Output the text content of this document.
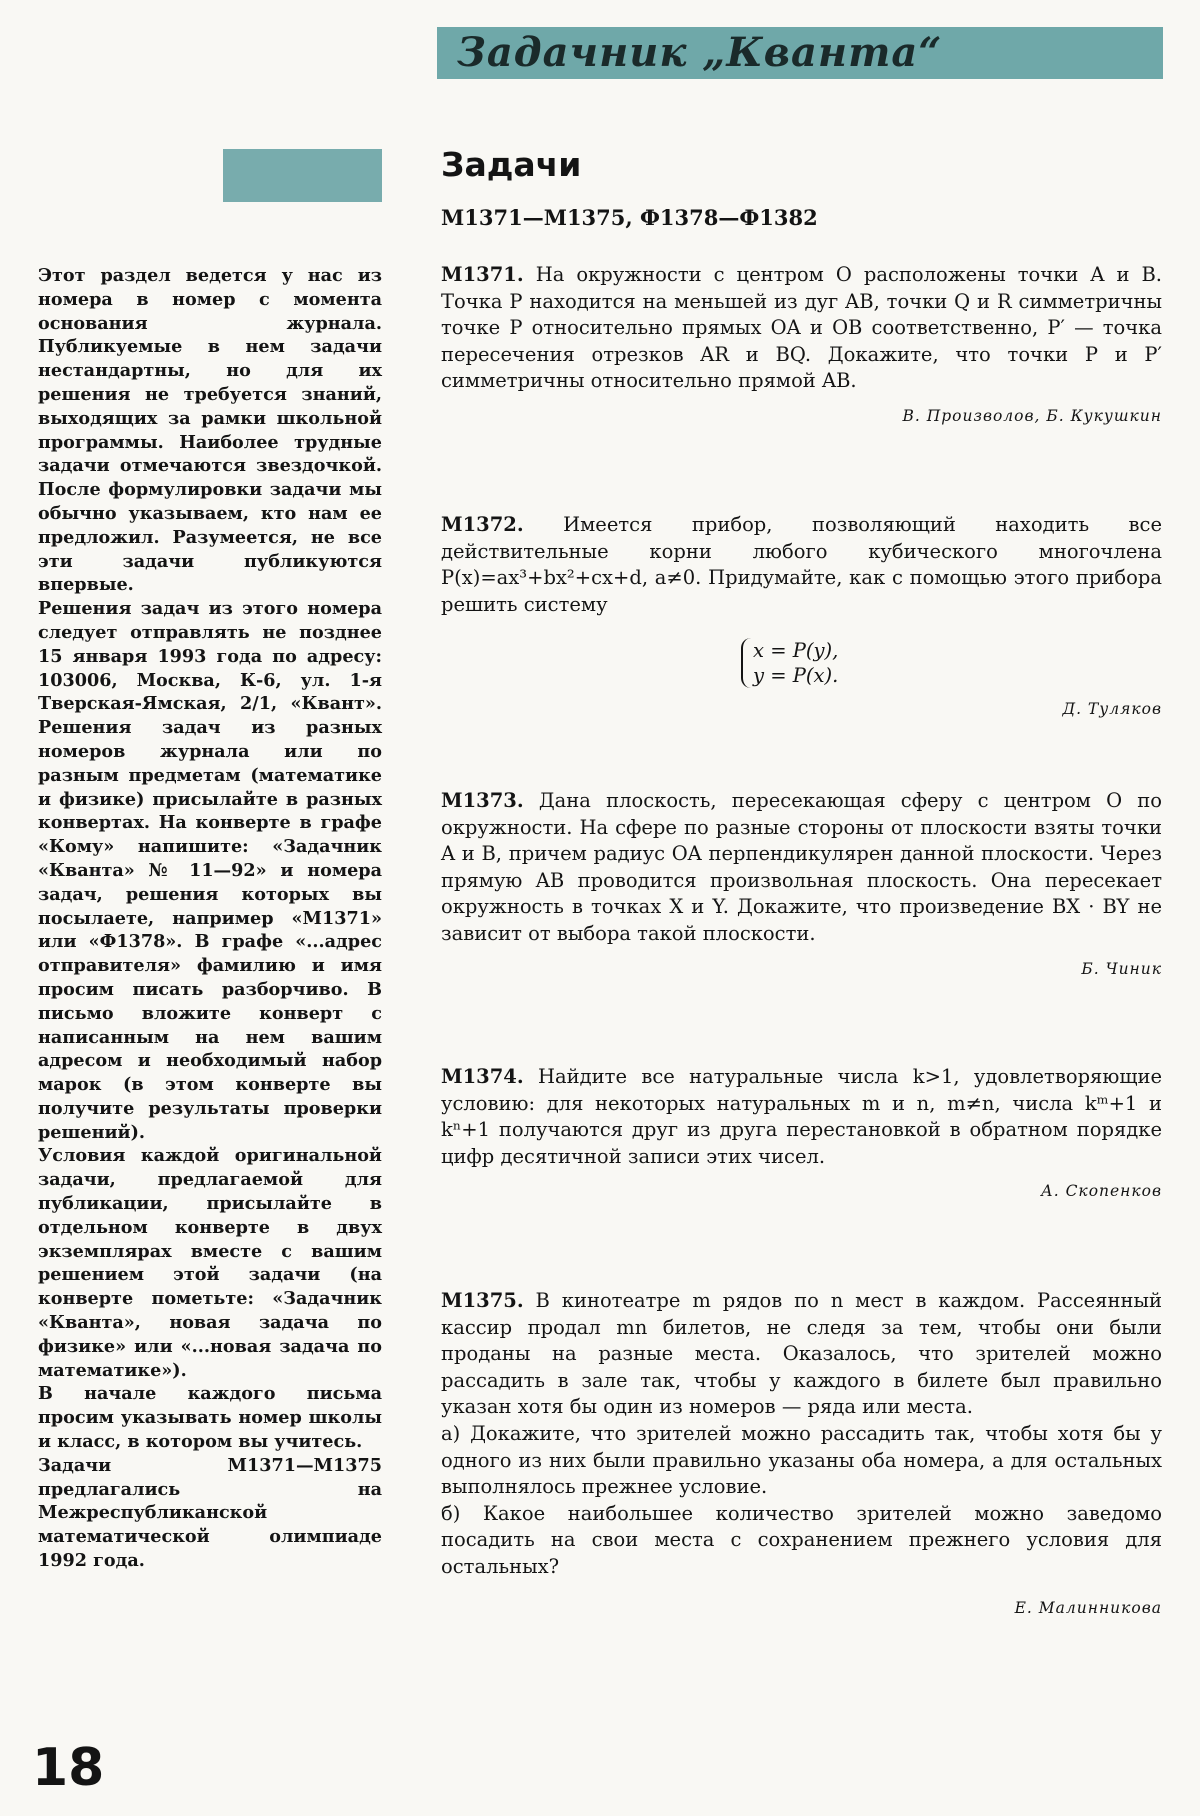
Задачник „Кванта“

Этот раздел ведется у нас из номера в номер с момента основания журнала. Публикуемые в нем задачи нестандартны, но для их решения не требуется знаний, выходящих за рамки школьной программы. Наиболее трудные задачи отмечаются звездочкой. После формулировки задачи мы обычно указываем, кто нам ее предложил. Разумеется, не все эти задачи публикуются впервые.

Решения задач из этого номера следует отправлять не позднее 15 января 1993 года по адресу: 103006, Москва, К-6, ул. 1-я Тверская-Ямская, 2/1, «Квант». Решения задач из разных номеров журнала или по разным предметам (математике и физике) присылайте в разных конвертах. На конверте в графе «Кому» напишите: «Задачник «Кванта» № 11—92» и номера задач, решения которых вы посылаете, например «М1371» или «Ф1378». В графе «...адрес отправителя» фамилию и имя просим писать разборчиво. В письмо вложите конверт с написанным на нем вашим адресом и необходимый набор марок (в этом конверте вы получите результаты проверки решений).

Условия каждой оригинальной задачи, предлагаемой для публикации, присылайте в отдельном конверте в двух экземплярах вместе с вашим решением этой задачи (на конверте пометьте: «Задачник «Кванта», новая задача по физике» или «...новая задача по математике»).

В начале каждого письма просим указывать номер школы и класс, в котором вы учитесь.

Задачи М1371—М1375 предлагались на Межреспубликанской математической олимпиаде 1992 года.

Задачи
М1371—М1375, Ф1378—Ф1382

М1371. На окружности с центром O расположены точки A и B. Точка P находится на меньшей из дуг AB, точки Q и R симметричны точке P относительно прямых OA и OB соответственно, P′ — точка пересечения отрезков AR и BQ. Докажите, что точки P и P′ симметричны относительно прямой AB.

В. Произволов, Б. Кукушкин

М1372. Имеется прибор, позволяющий находить все действительные корни любого кубического многочлена P(x)=ax³+bx²+cx+d, a≠0. Придумайте, как с помощью этого прибора решить систему

x = P(y),
y = P(x).
Д. Туляков

М1373. Дана плоскость, пересекающая сферу с центром O по окружности. На сфере по разные стороны от плоскости взяты точки A и B, причем радиус OA перпендикулярен данной плоскости. Через прямую AB проводится произвольная плоскость. Она пересекает окружность в точках X и Y. Докажите, что произведение BX · BY не зависит от выбора такой плоскости.

Б. Чиник

М1374. Найдите все натуральные числа k>1, удовлетворяющие условию: для некоторых натуральных m и n, m≠n, числа kᵐ+1 и kⁿ+1 получаются друг из друга перестановкой в обратном порядке цифр десятичной записи этих чисел.

А. Скопенков

М1375. В кинотеатре m рядов по n мест в каждом. Рассеянный кассир продал mn билетов, не следя за тем, чтобы они были проданы на разные места. Оказалось, что зрителей можно рассадить в зале так, чтобы у каждого в билете был правильно указан хотя бы один из номеров — ряда или места.

а) Докажите, что зрителей можно рассадить так, чтобы хотя бы у одного из них были правильно указаны оба номера, а для остальных выполнялось прежнее условие.

б) Какое наибольшее количество зрителей можно заведомо посадить на свои места с сохранением прежнего условия для остальных?

Е. Малинникова
18
